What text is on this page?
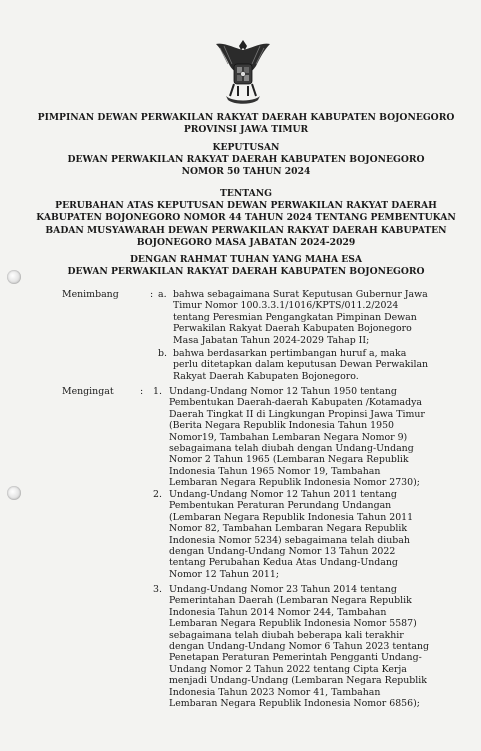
PIMPINAN DEWAN PERWAKILAN RAKYAT DAERAH KABUPATEN BOJONEGORO
PROVINSI JAWA TIMUR
KEPUTUSAN
DEWAN PERWAKILAN RAKYAT DAERAH KABUPATEN BOJONEGORO
NOMOR 50 TAHUN 2024
TENTANG
PERUBAHAN ATAS KEPUTUSAN DEWAN PERWAKILAN RAKYAT DAERAH
KABUPATEN BOJONEGORO NOMOR 44 TAHUN 2024 TENTANG PEMBENTUKAN
BADAN MUSYAWARAH DEWAN PERWAKILAN RAKYAT DAERAH KABUPATEN
BOJONEGORO MASA JABATAN 2024-2029
DENGAN RAHMAT TUHAN YANG MAHA ESA
DEWAN PERWAKILAN RAKYAT DAERAH KABUPATEN BOJONEGORO
Menimbang	: a. bahwa sebagaimana Surat Keputusan Gubernur Jawa
Timur Nomor 100.3.3.1/1016/KPTS/011.2/2024
tentang Peresmian Pengangkatan Pimpinan Dewan
Perwakilan Rakyat Daerah Kabupaten Bojonegoro
Masa Jabatan Tahun 2024-2029 Tahap II;
b. bahwa berdasarkan pertimbangan huruf a, maka
perlu ditetapkan dalam keputusan Dewan Perwakilan
Rakyat Daerah Kabupaten Bojonegoro.
Mengingat	: 1. Undang-Undang Nomor 12 Tahun 1950 tentang
Pembentukan Daerah-daerah Kabupaten /Kotamadya
Daerah Tingkat II di Lingkungan Propinsi Jawa Timur
(Berita Negara Republik Indonesia Tahun 1950
Nomor19, Tambahan Lembaran Negara Nomor 9)
sebagaimana telah diubah dengan Undang-Undang
Nomor 2 Tahun 1965 (Lembaran Negara Republik
Indonesia Tahun 1965 Nomor 19, Tambahan
Lembaran Negara Republik Indonesia Nomor 2730);
2. Undang-Undang Nomor 12 Tahun 2011 tentang
Pembentukan Peraturan Perundang Undangan
(Lembaran Negara Republik Indonesia Tahun 2011
Nomor 82, Tambahan Lembaran Negara Republik
Indonesia Nomor 5234) sebagaimana telah diubah
dengan Undang-Undang Nomor 13 Tahun 2022
tentang Perubahan Kedua Atas Undang-Undang
Nomor 12 Tahun 2011;
3. Undang-Undang Nomor 23 Tahun 2014 tentang
Pemerintahan Daerah (Lembaran Negara Republik
Indonesia Tahun 2014 Nomor 244, Tambahan
Lembaran Negara Republik Indonesia Nomor 5587)
sebagaimana telah diubah beberapa kali terakhir
dengan Undang-Undang Nomor 6 Tahun 2023 tentang
Penetapan Peraturan Pemerintah Pengganti Undang-
Undang Nomor 2 Tahun 2022 tentang Cipta Kerja
menjadi Undang-Undang (Lembaran Negara Republik
Indonesia Tahun 2023 Nomor 41, Tambahan
Lembaran Negara Republik Indonesia Nomor 6856);
